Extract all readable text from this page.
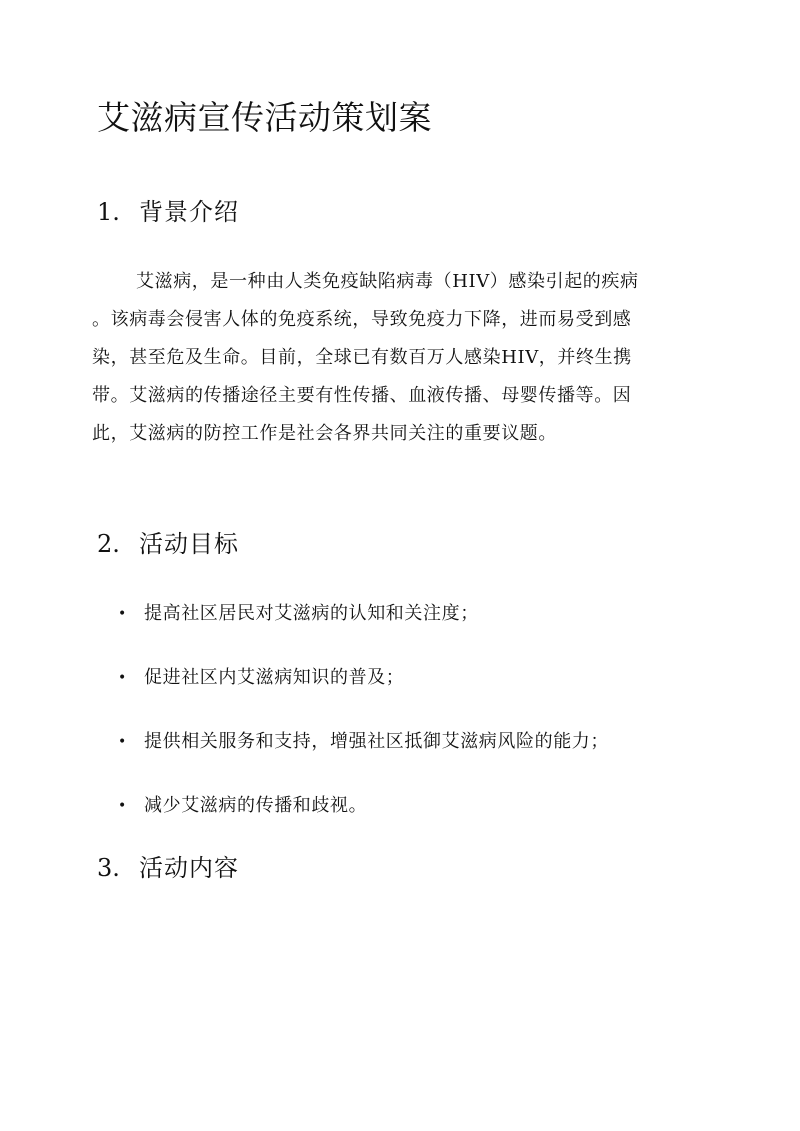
艾滋病宣传活动策划案
1. 背景介绍

艾滋病，是一种由人类免疫缺陷病毒（HIV）感染引起的疾病
。该病毒会侵害人体的免疫系统，导致免疫力下降，进而易受到感
染，甚至危及生命。目前，全球已有数百万人感染HIV，并终生携
带。艾滋病的传播途径主要有性传播、血液传播、母婴传播等。因
此，艾滋病的防控工作是社会各界共同关注的重要议题。

2. 活动目标
• 提高社区居民对艾滋病的认知和关注度；
• 促进社区内艾滋病知识的普及；
• 提供相关服务和支持，增强社区抵御艾滋病风险的能力；
• 减少艾滋病的传播和歧视。
3. 活动内容
